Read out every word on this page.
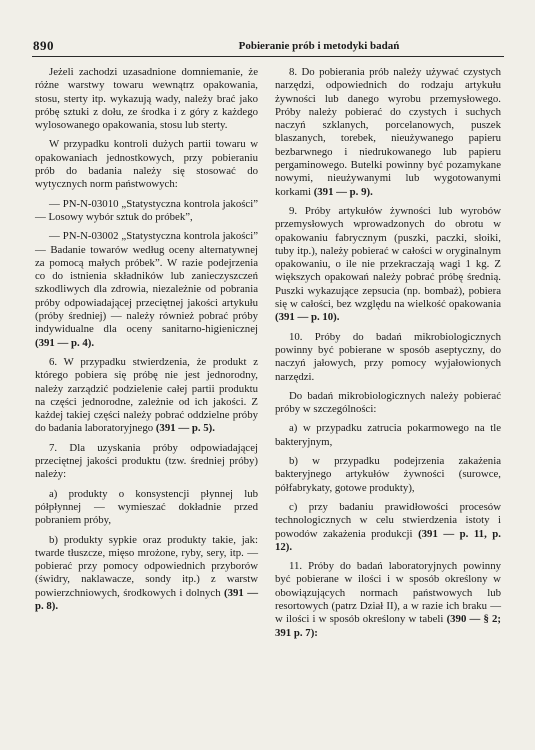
890	Pobieranie prób i metodyki badań

Jeżeli zachodzi uzasadnione domniemanie, że różne warstwy towaru wewnątrz opakowania, stosu, sterty itp. wykazują wady, należy brać jako próbę sztuki z dołu, ze środka i z góry z każdego wylosowanego opakowania, stosu lub sterty.

W przypadku kontroli dużych partii towaru w opakowaniach jednostkowych, przy pobieraniu prób do badania należy się stosować do wytycznych norm państwowych:

— PN-N-03010 „Statystyczna kontrola jakości” — Losowy wybór sztuk do próbek”,

— PN-N-03002 „Statystyczna kontrola jakości” — Badanie towarów według oceny alternatywnej za pomocą małych próbek”. W razie podejrzenia co do istnienia składników lub zanieczyszczeń szkodliwych dla zdrowia, niezależnie od pobrania próby odpowiadającej przeciętnej jakości artykułu (próby średniej) — należy również pobrać próby indywidualne dla oceny sanitarno-higienicznej (391 — p. 4).

6. W przypadku stwierdzenia, że produkt z którego pobiera się próbę nie jest jednorodny, należy zarządzić podzielenie całej partii produktu na części jednorodne, zależnie od ich jakości. Z każdej takiej części należy pobrać oddzielne próby do badania laboratoryjnego (391 — p. 5).

7. Dla uzyskania próby odpowiadającej przeciętnej jakości produktu (tzw. średniej próby) należy:

a) produkty o konsystencji płynnej lub półpłynnej — wymieszać dokładnie przed pobraniem próby,

b) produkty sypkie oraz produkty takie, jak: twarde tłuszcze, mięso mrożone, ryby, sery, itp. — pobierać przy pomocy odpowiednich przyborów (świdry, naklawacze, sondy itp.) z warstw powierzchniowych, środkowych i dolnych (391 — p. 8).

8. Do pobierania prób należy używać czystych narzędzi, odpowiednich do rodzaju artykułu żywności lub danego wyrobu przemysłowego. Próby należy pobierać do czystych i suchych naczyń szklanych, porcelanowych, puszek blaszanych, torebek, nieużywanego papieru bezbarwnego i niedrukowanego lub papieru pergaminowego. Butelki powinny być pozamykane nowymi, nieużywanymi lub wygotowanymi korkami (391 — p. 9).

9. Próby artykułów żywności lub wyrobów przemysłowych wprowadzonych do obrotu w opakowaniu fabrycznym (puszki, paczki, słoiki, tuby itp.), należy pobierać w całości w oryginalnym opakowaniu, o ile nie przekraczają wagi 1 kg. Z większych opakowań należy pobrać próbę średnią. Puszki wykazujące zepsucia (np. bombaż), pobiera się w całości, bez względu na wielkość opakowania (391 — p. 10).

10. Próby do badań mikrobiologicznych powinny być pobierane w sposób aseptyczny, do naczyń jałowych, przy pomocy wyjałowionych narzędzi.

Do badań mikrobiologicznych należy pobierać próby w szczególności:

a) w przypadku zatrucia pokarmowego na tle bakteryjnym,

b) w przypadku podejrzenia zakażenia bakteryjnego artykułów żywności (surowce, półfabrykaty, gotowe produkty),

c) przy badaniu prawidłowości procesów technologicznych w celu stwierdzenia istoty i powodów zakażenia produkcji (391 — p. 11, p. 12).

11. Próby do badań laboratoryjnych powinny być pobierane w ilości i w sposób określony w obowiązujących normach państwowych lub resortowych (patrz Dział II), a w razie ich braku — w ilości i w sposób określony w tabeli (390 — § 2; 391 p. 7):
